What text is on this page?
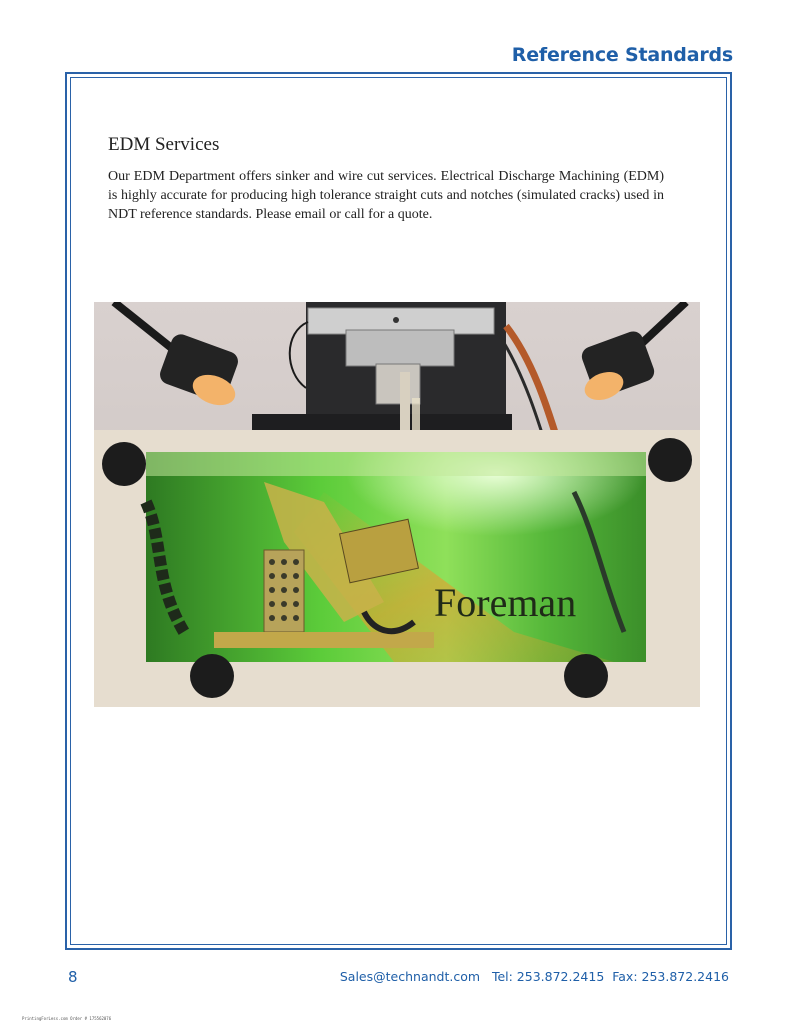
Reference Standards
EDM Services
Our EDM Department offers sinker and wire cut services. Electrical Discharge Machining (EDM) is highly accurate for producing high tolerance straight cuts and notches (simulated cracks) used in NDT reference standards. Please email or call for a quote.
Foreman
8	Sales@technandt.com   Tel: 253.872.2415  Fax: 253.872.2416
PrintingForLess.com Order # 175562076
